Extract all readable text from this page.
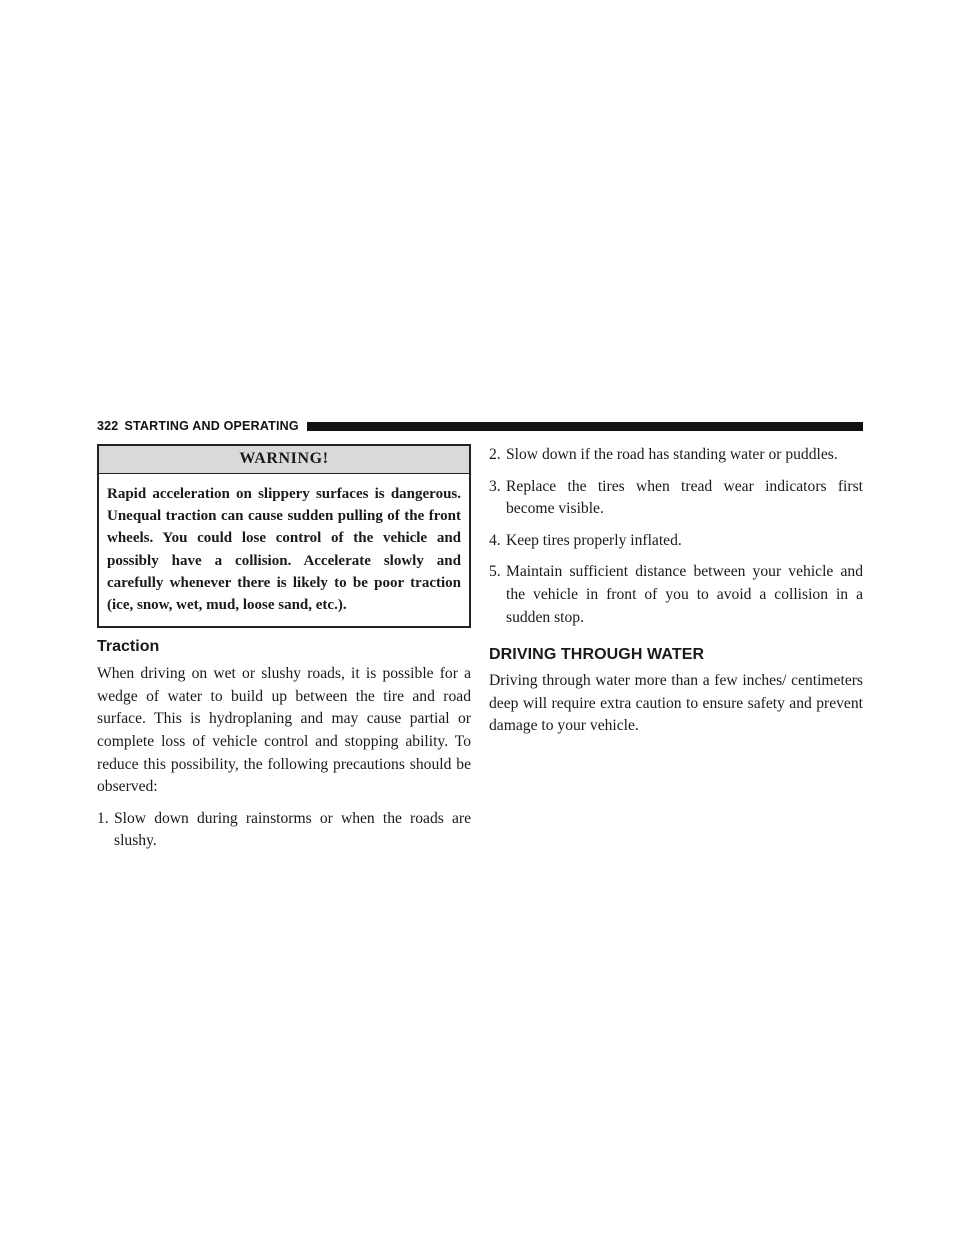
322 STARTING AND OPERATING
WARNING!
Rapid acceleration on slippery surfaces is dangerous. Unequal traction can cause sudden pulling of the front wheels. You could lose control of the vehicle and possibly have a collision. Accelerate slowly and carefully whenever there is likely to be poor traction (ice, snow, wet, mud, loose sand, etc.).
Traction

When driving on wet or slushy roads, it is possible for a wedge of water to build up between the tire and road surface. This is hydroplaning and may cause partial or complete loss of vehicle control and stopping ability. To reduce this possibility, the following precautions should be observed:

1. Slow down during rainstorms or when the roads are slushy.
2. Slow down if the road has standing water or puddles.
3. Replace the tires when tread wear indicators first become visible.
4. Keep tires properly inflated.
5. Maintain sufficient distance between your vehicle and the vehicle in front of you to avoid a collision in a sudden stop.
DRIVING THROUGH WATER

Driving through water more than a few inches/ centimeters deep will require extra caution to ensure safety and prevent damage to your vehicle.
